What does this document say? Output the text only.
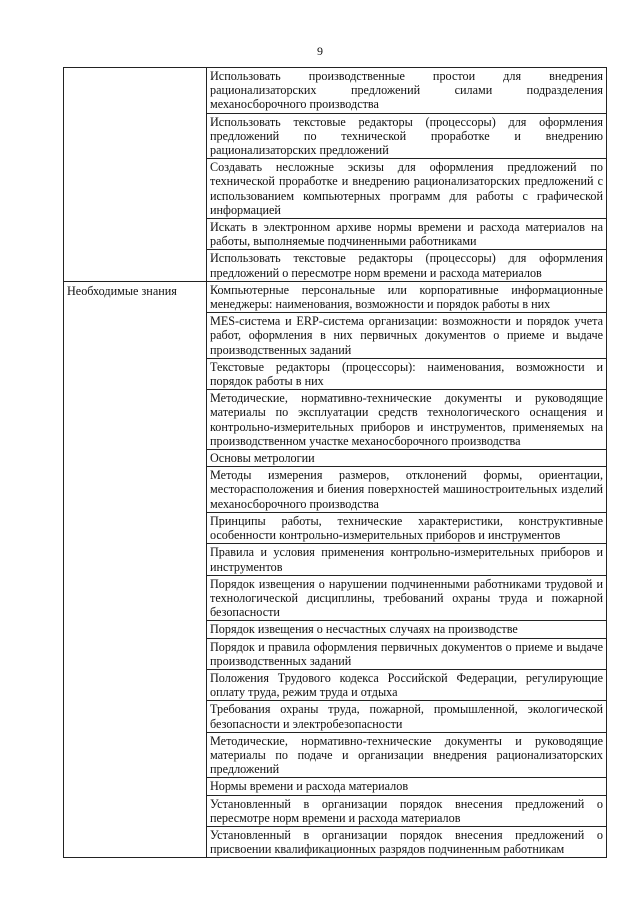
9
	Использовать производственные простои для внедрения рационализаторских предложений силами подразделения механосборочного производства
	Использовать текстовые редакторы (процессоры) для оформления предложений по технической проработке и внедрению рационализаторских предложений
	Создавать несложные эскизы для оформления предложений по технической проработке и внедрению рационализаторских предложений с использованием компьютерных программ для работы с графической информацией
	Искать в электронном архиве нормы времени и расхода материалов на работы, выполняемые подчиненными работниками
	Использовать текстовые редакторы (процессоры) для оформления предложений о пересмотре норм времени и расхода материалов
Необходимые знания	Компьютерные персональные или корпоративные информационные менеджеры: наименования, возможности и порядок работы в них
	MES-система и ERP-система организации: возможности и порядок учета работ, оформления в них первичных документов о приеме и выдаче производственных заданий
	Текстовые редакторы (процессоры): наименования, возможности и порядок работы в них
	Методические, нормативно-технические документы и руководящие материалы по эксплуатации средств технологического оснащения и контрольно-измерительных приборов и инструментов, применяемых на производственном участке механосборочного производства
	Основы метрологии
	Методы измерения размеров, отклонений формы, ориентации, месторасположения и биения поверхностей машиностроительных изделий механосборочного производства
	Принципы работы, технические характеристики, конструктивные особенности контрольно-измерительных приборов и инструментов
	Правила и условия применения контрольно-измерительных приборов и инструментов
	Порядок извещения о нарушении подчиненными работниками трудовой и технологической дисциплины, требований охраны труда и пожарной безопасности
	Порядок извещения о несчастных случаях на производстве
	Порядок и правила оформления первичных документов о приеме и выдаче производственных заданий
	Положения Трудового кодекса Российской Федерации, регулирующие оплату труда, режим труда и отдыха
	Требования охраны труда, пожарной, промышленной, экологической безопасности и электробезопасности
	Методические, нормативно-технические документы и руководящие материалы по подаче и организации внедрения рационализаторских предложений
	Нормы времени и расхода материалов
	Установленный в организации порядок внесения предложений о пересмотре норм времени и расхода материалов
	Установленный в организации порядок внесения предложений о присвоении квалификационных разрядов подчиненным работникам
